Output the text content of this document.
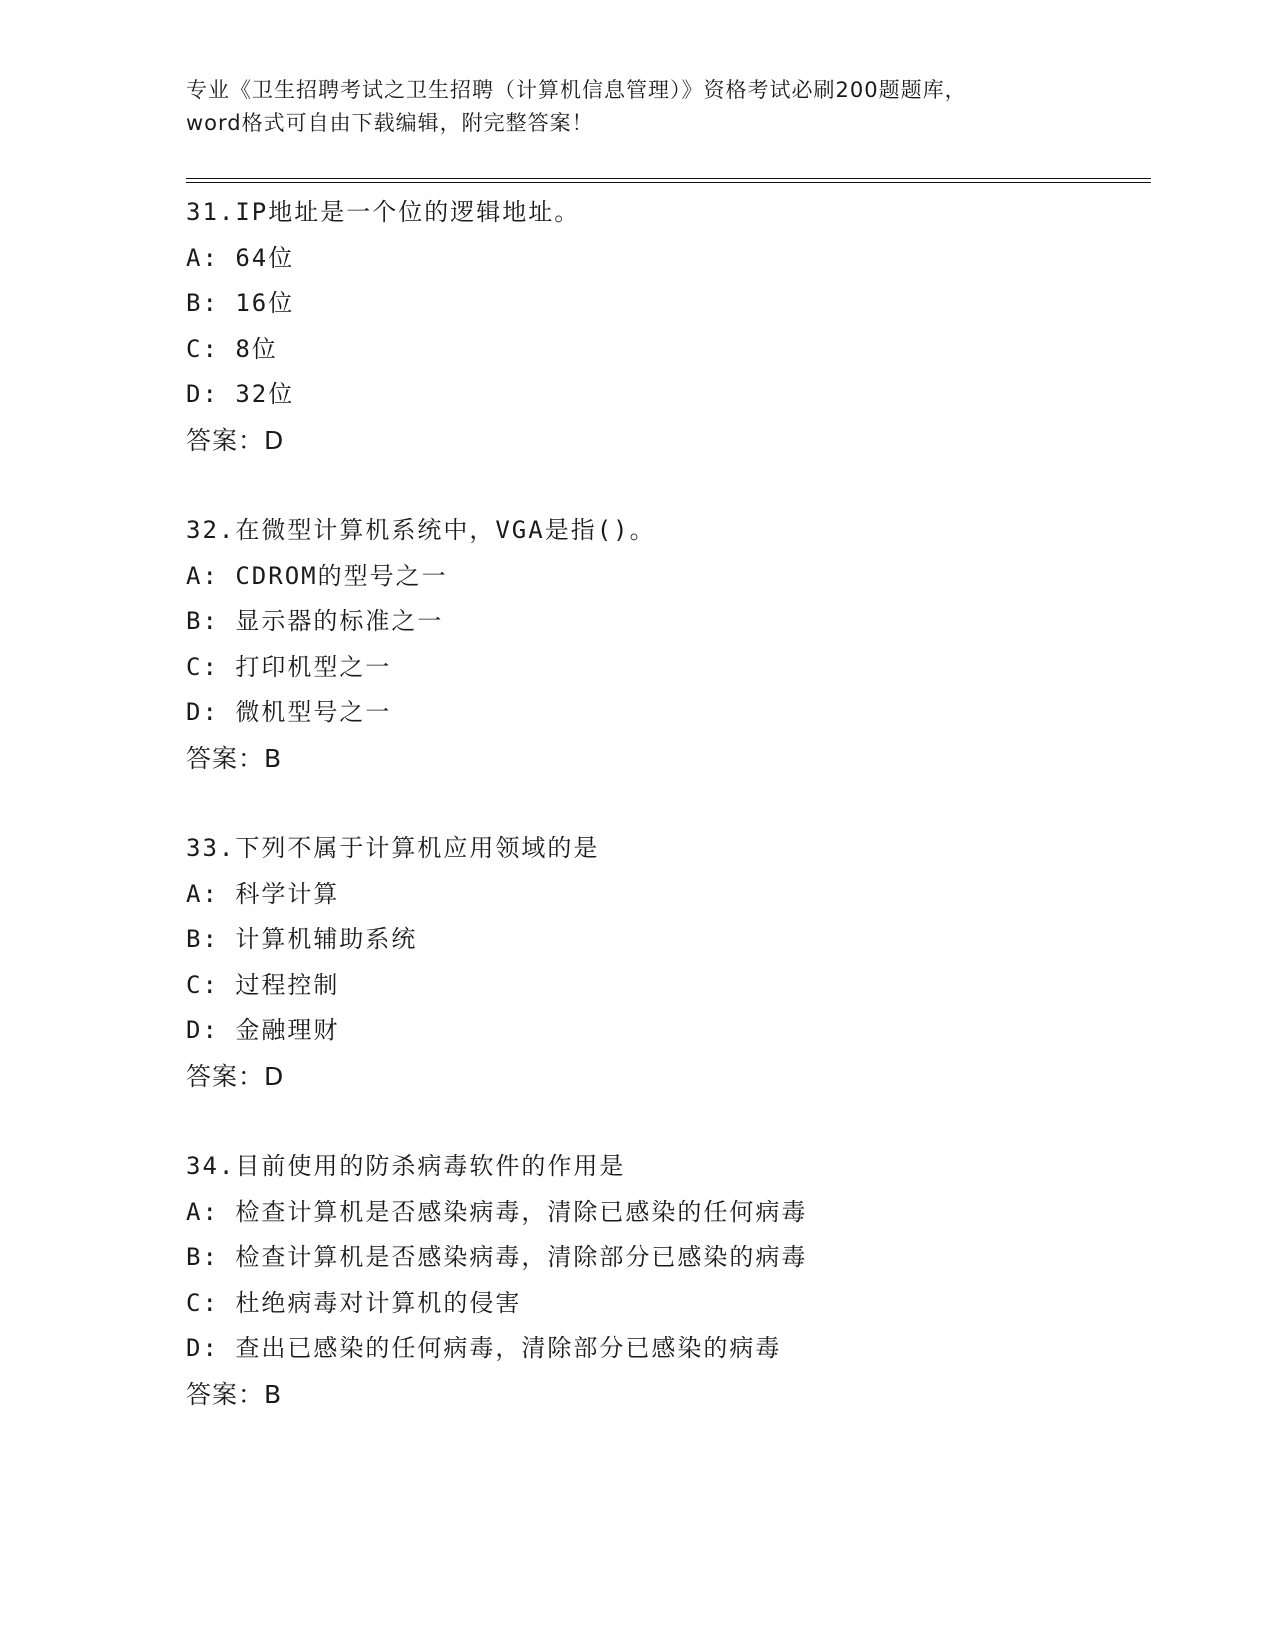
专业《卫生招聘考试之卫生招聘（计算机信息管理）》资格考试必刷200题题库，
word格式可自由下载编辑，附完整答案！
31.IP地址是一个位的逻辑地址。
A: 64位
B: 16位
C: 8位
D: 32位
答案：D
32.在微型计算机系统中，VGA是指()。
A: CDROM的型号之一
B: 显示器的标准之一
C: 打印机型之一
D: 微机型号之一
答案：B
33.下列不属于计算机应用领域的是
A: 科学计算
B: 计算机辅助系统
C: 过程控制
D: 金融理财
答案：D
34.目前使用的防杀病毒软件的作用是
A: 检查计算机是否感染病毒，清除已感染的任何病毒
B: 检查计算机是否感染病毒，清除部分已感染的病毒
C: 杜绝病毒对计算机的侵害
D: 查出已感染的任何病毒，清除部分已感染的病毒
答案：B
